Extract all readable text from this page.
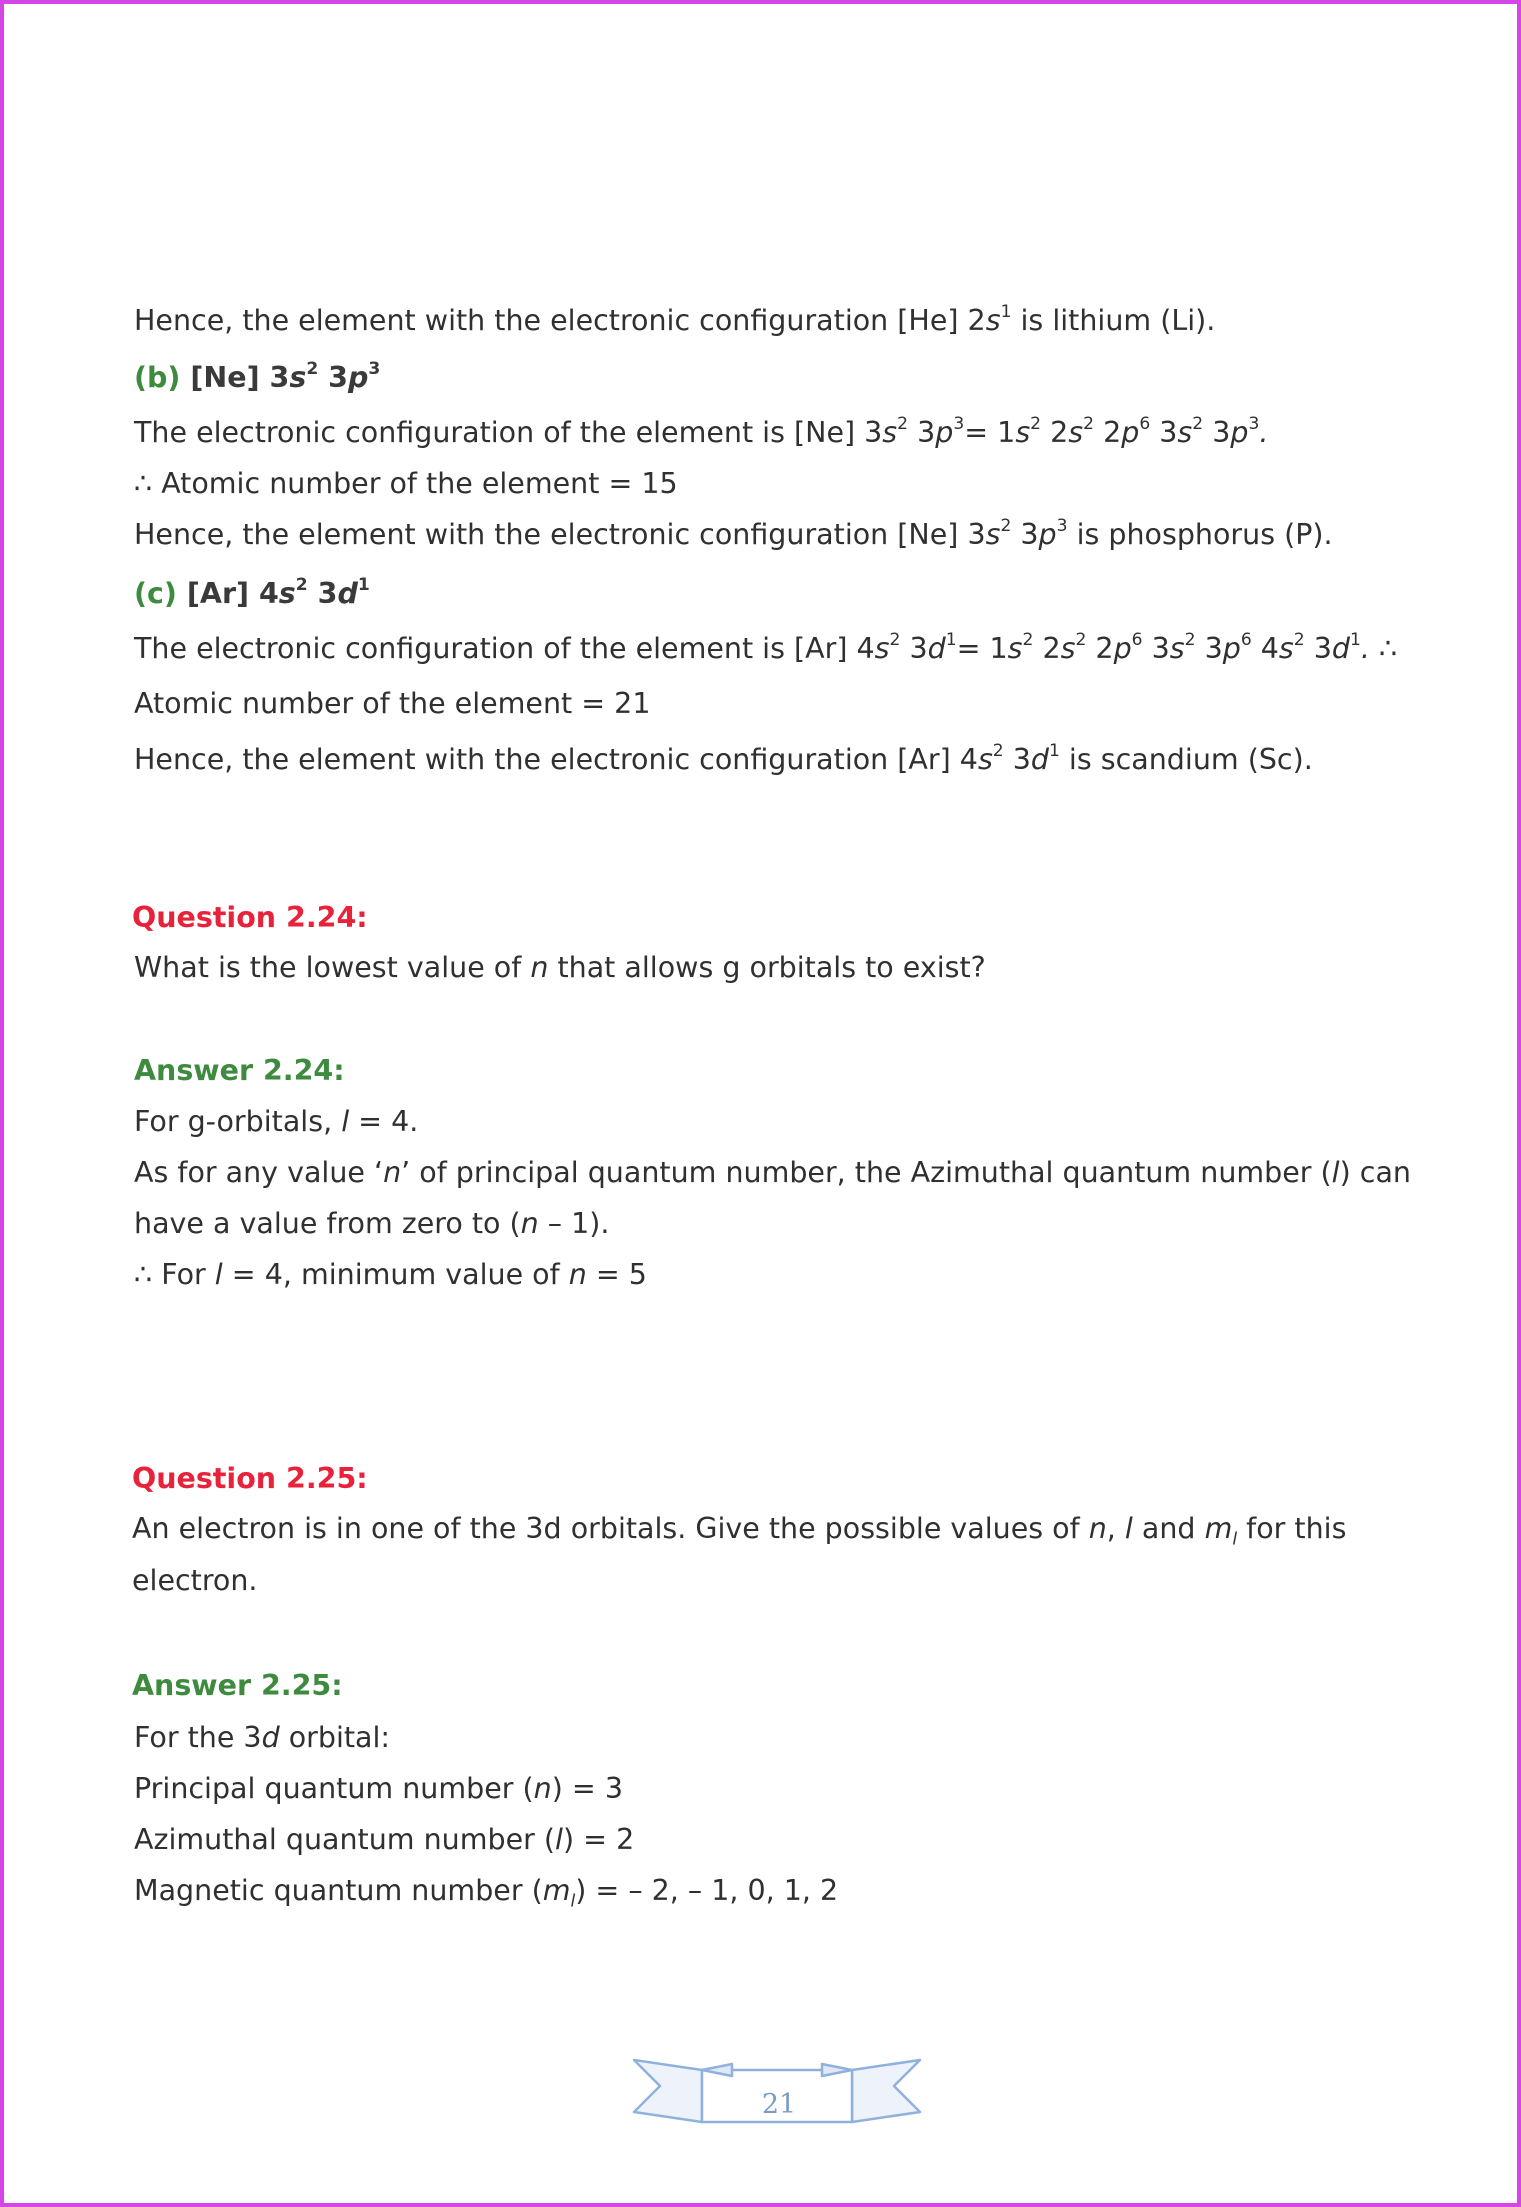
Hence, the element with the electronic configuration [He] $2s^1$ is lithium (Li).

(b) [Ne] $3s^2$ $3p^3$

The electronic configuration of the element is [Ne] $3s^2$ $3p^3= 1s^2$ $2s^2$ $2p^6$ $3s^2$ $3p^3$.

∴ Atomic number of the element = 15

Hence, the element with the electronic configuration [Ne] $3s^2$ $3p^3$ is phosphorus (P).

(c) [Ar] $4s^2$ $3d^1$

The electronic configuration of the element is [Ar] $4s^2$ $3d^1= 1s^2$ $2s^2$ $2p^6$ $3s^2$ $3p^6$ $4s^2$ $3d^1$. ∴

Atomic number of the element = 21

Hence, the element with the electronic configuration [Ar] $4s^2$ $3d^1$ is scandium (Sc).

Question 2.24:

What is the lowest value of n that allows g orbitals to exist?

Answer 2.24:

For g-orbitals, l = 4.

As for any value ‘n’ of principal quantum number, the Azimuthal quantum number (l) can

have a value from zero to (n – 1).

∴ For l = 4, minimum value of n = 5

Question 2.25:

An electron is in one of the 3d orbitals. Give the possible values of n, l and $m_l$ for this

electron.

Answer 2.25:

For the 3d orbital:

Principal quantum number (n) = 3

Azimuthal quantum number (l) = 2

Magnetic quantum number $(m_l)$ = – 2, – 1, 0, 1, 2

21
